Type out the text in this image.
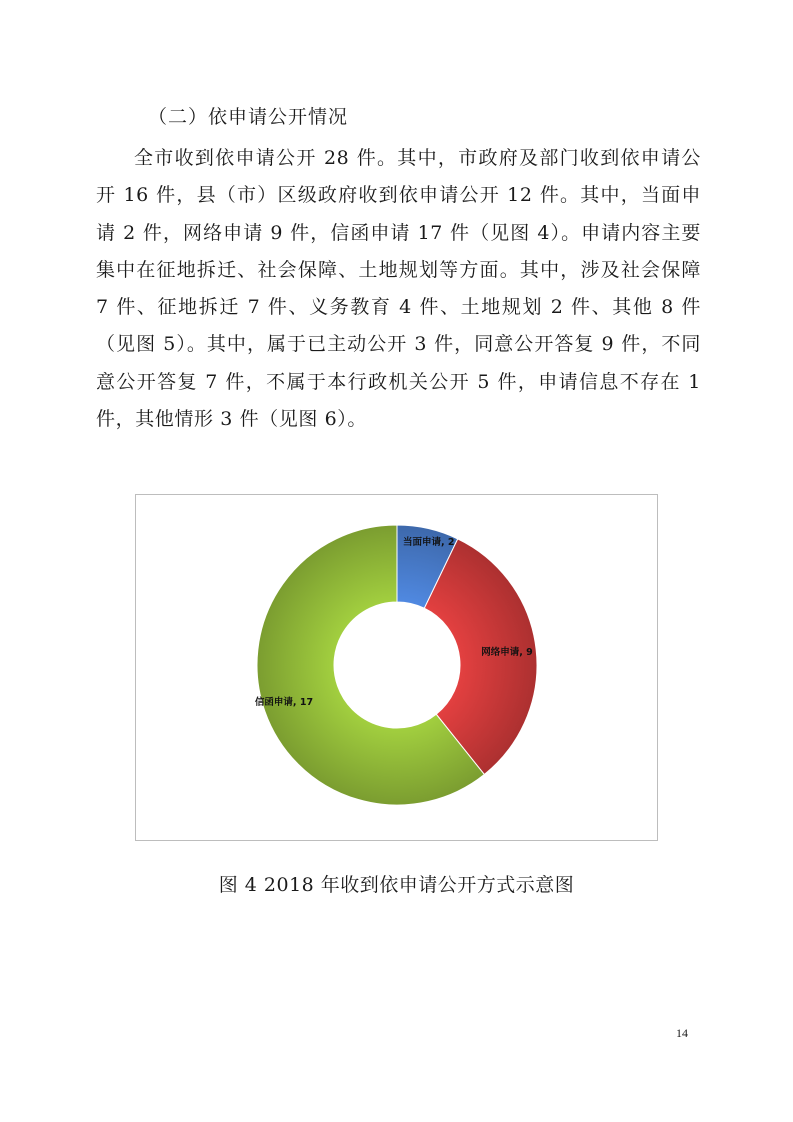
（二）依申请公开情况
全市收到依申请公开 28 件。其中，市政府及部门收到依申请公开 16 件，县（市）区级政府收到依申请公开 12 件。其中，当面申请 2 件，网络申请 9 件，信函申请 17 件（见图 4）。申请内容主要集中在征地拆迁、社会保障、土地规划等方面。其中，涉及社会保障 7 件、征地拆迁 7 件、义务教育 4 件、土地规划 2 件、其他 8 件（见图 5）。其中，属于已主动公开 3 件，同意公开答复 9 件，不同意公开答复 7 件，不属于本行政机关公开 5 件，申请信息不存在 1 件，其他情形 3 件（见图 6）。
当面申请, 2
网络申请, 9
信函申请, 17
图 4 2018 年收到依申请公开方式示意图
14
